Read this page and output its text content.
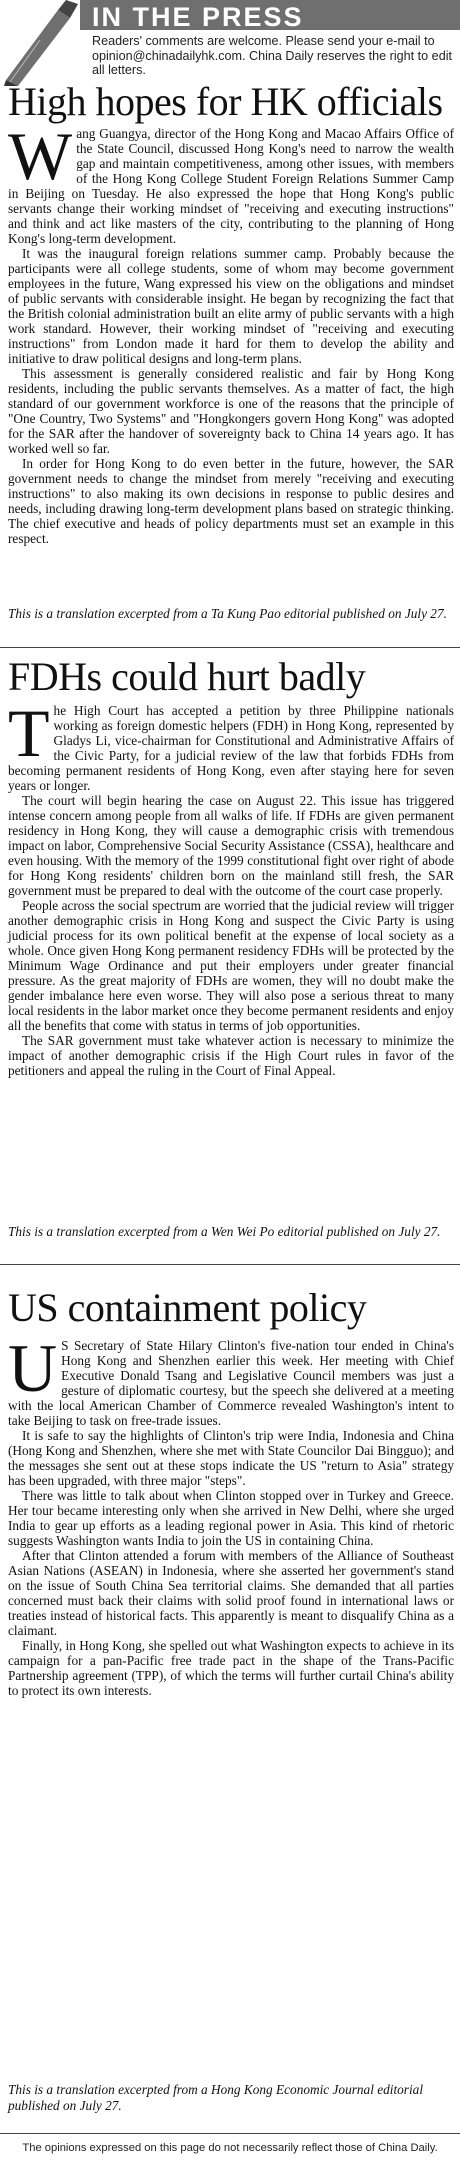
IN THE PRESS
Readers' comments are welcome. Please send your e-mail to opinion@chinadailyhk.com. China Daily reserves the right to edit all letters.
High hopes for HK officials
W ang Guangya, director of the Hong Kong and Macao Affairs Office of the State Council, discussed Hong Kong's need to narrow the wealth gap and maintain competitiveness, among other issues, with members of the Hong Kong College Student Foreign Relations Summer Camp in Beijing on Tuesday. He also expressed the hope that Hong Kong's public servants change their working mindset of "receiving and executing instructions" and think and act like masters of the city, contributing to the planning of Hong Kong's long-term development.

It was the inaugural foreign relations summer camp. Probably because the participants were all college students, some of whom may become government employees in the future, Wang expressed his view on the obligations and mindset of public servants with considerable insight. He began by recognizing the fact that the British colonial administration built an elite army of public servants with a high work standard. However, their working mindset of "receiving and executing instructions" from London made it hard for them to develop the ability and initiative to draw political designs and long-term plans.

This assessment is generally considered realistic and fair by Hong Kong residents, including the public servants themselves. As a matter of fact, the high standard of our government workforce is one of the reasons that the principle of "One Country, Two Systems" and "Hongkongers govern Hong Kong" was adopted for the SAR after the handover of sovereignty back to China 14 years ago. It has worked well so far.

In order for Hong Kong to do even better in the future, however, the SAR government needs to change the mindset from merely "receiving and executing instructions" to also making its own decisions in response to public desires and needs, including drawing long-term development plans based on strategic thinking. The chief executive and heads of policy departments must set an example in this respect.

This is a translation excerpted from a Ta Kung Pao editorial published on July 27.
FDHs could hurt badly
T he High Court has accepted a petition by three Philippine nationals working as foreign domestic helpers (FDH) in Hong Kong, represented by Gladys Li, vice-chairman for Constitutional and Administrative Affairs of the Civic Party, for a judicial review of the law that forbids FDHs from becoming permanent residents of Hong Kong, even after staying here for seven years or longer.

The court will begin hearing the case on August 22. This issue has triggered intense concern among people from all walks of life. If FDHs are given permanent residency in Hong Kong, they will cause a demographic crisis with tremendous impact on labor, Comprehensive Social Security Assistance (CSSA), healthcare and even housing. With the memory of the 1999 constitutional fight over right of abode for Hong Kong residents' children born on the mainland still fresh, the SAR government must be prepared to deal with the outcome of the court case properly.

People across the social spectrum are worried that the judicial review will trigger another demographic crisis in Hong Kong and suspect the Civic Party is using judicial process for its own political benefit at the expense of local society as a whole. Once given Hong Kong permanent residency FDHs will be protected by the Minimum Wage Ordinance and put their employers under greater financial pressure. As the great majority of FDHs are women, they will no doubt make the gender imbalance here even worse. They will also pose a serious threat to many local residents in the labor market once they become permanent residents and enjoy all the benefits that come with status in terms of job opportunities.

The SAR government must take whatever action is necessary to minimize the impact of another demographic crisis if the High Court rules in favor of the petitioners and appeal the ruling in the Court of Final Appeal.

This is a translation excerpted from a Wen Wei Po editorial published on July 27.
US containment policy
U S Secretary of State Hilary Clinton's five-nation tour ended in China's Hong Kong and Shenzhen earlier this week. Her meeting with Chief Executive Donald Tsang and Legislative Council members was just a gesture of diplomatic courtesy, but the speech she delivered at a meeting with the local American Chamber of Commerce revealed Washington's intent to take Beijing to task on free-trade issues.

It is safe to say the highlights of Clinton's trip were India, Indonesia and China (Hong Kong and Shenzhen, where she met with State Councilor Dai Bingguo); and the messages she sent out at these stops indicate the US "return to Asia" strategy has been upgraded, with three major "steps".

There was little to talk about when Clinton stopped over in Turkey and Greece. Her tour became interesting only when she arrived in New Delhi, where she urged India to gear up efforts as a leading regional power in Asia. This kind of rhetoric suggests Washington wants India to join the US in containing China.

After that Clinton attended a forum with members of the Alliance of Southeast Asian Nations (ASEAN) in Indonesia, where she asserted her government's stand on the issue of South China Sea territorial claims. She demanded that all parties concerned must back their claims with solid proof found in international laws or treaties instead of historical facts. This apparently is meant to disqualify China as a claimant.

Finally, in Hong Kong, she spelled out what Washington expects to achieve in its campaign for a pan-Pacific free trade pact in the shape of the Trans-Pacific Partnership agreement (TPP), of which the terms will further curtail China's ability to protect its own interests.

This is a translation excerpted from a Hong Kong Economic Journal editorial published on July 27.
The opinions expressed on this page do not necessarily reflect those of China Daily.
